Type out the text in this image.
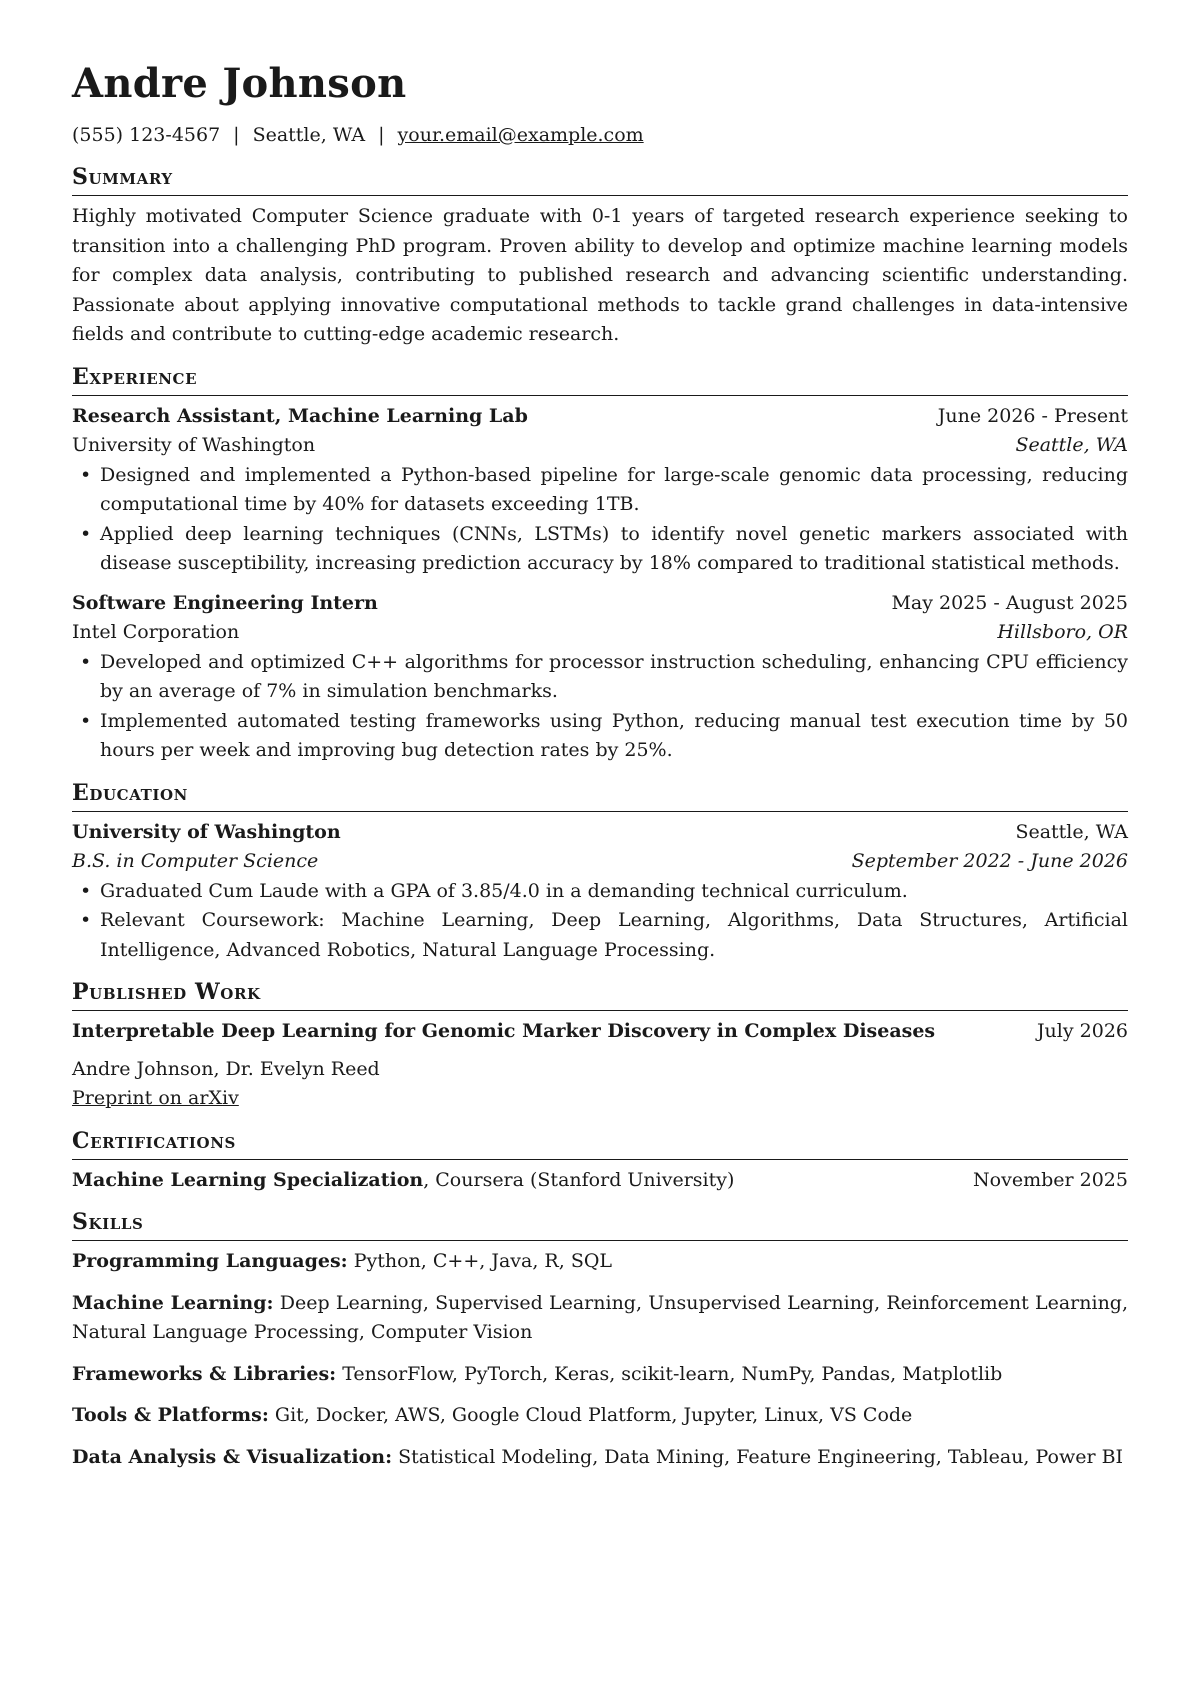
Andre Johnson
(555) 123-4567 | Seattle, WA | your.email@example.com
Summary

Highly motivated Computer Science graduate with 0-1 years of targeted research experience seeking to transition into a challenging PhD program. Proven ability to develop and optimize machine learning models for complex data analysis, contributing to published research and advancing scientific understanding. Passionate about applying innovative computational methods to tackle grand challenges in data-intensive fields and contribute to cutting-edge academic research.

Experience
Research Assistant, Machine Learning Lab	June 2026 - Present
University of Washington	Seattle, WA
• Designed and implemented a Python-based pipeline for large-scale genomic data processing, reducing computational time by 40% for datasets exceeding 1TB.
• Applied deep learning techniques (CNNs, LSTMs) to identify novel genetic markers associated with disease susceptibility, increasing prediction accuracy by 18% compared to traditional statistical methods.
Software Engineering Intern	May 2025 - August 2025
Intel Corporation	Hillsboro, OR
• Developed and optimized C++ algorithms for processor instruction scheduling, enhancing CPU efficiency by an average of 7% in simulation benchmarks.
• Implemented automated testing frameworks using Python, reducing manual test execution time by 50 hours per week and improving bug detection rates by 25%.
Education
University of Washington	Seattle, WA
B.S. in Computer Science	September 2022 - June 2026
• Graduated Cum Laude with a GPA of 3.85/4.0 in a demanding technical curriculum.
• Relevant Coursework: Machine Learning, Deep Learning, Algorithms, Data Structures, Artificial Intelligence, Advanced Robotics, Natural Language Processing.
Published Work
Interpretable Deep Learning for Genomic Marker Discovery in Complex Diseases	July 2026
Andre Johnson, Dr. Evelyn Reed
Preprint on arXiv
Certifications
Machine Learning Specialization, Coursera (Stanford University)	November 2025
Skills

Programming Languages: Python, C++, Java, R, SQL

Machine Learning: Deep Learning, Supervised Learning, Unsupervised Learning, Reinforcement Learning, Natural Language Processing, Computer Vision

Frameworks & Libraries: TensorFlow, PyTorch, Keras, scikit-learn, NumPy, Pandas, Matplotlib

Tools & Platforms: Git, Docker, AWS, Google Cloud Platform, Jupyter, Linux, VS Code

Data Analysis & Visualization: Statistical Modeling, Data Mining, Feature Engineering, Tableau, Power BI
